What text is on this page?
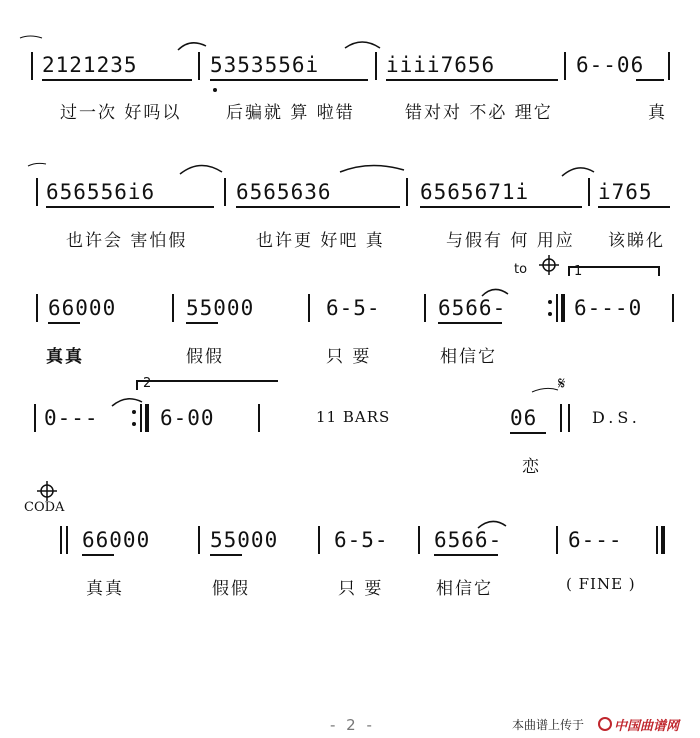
2121235	5353556i	iiii7656	6--06
过一次 好吗以	后骗就 算 啦错	错对对 不必 理它	真
656556i6	6565636	6565671i	i765
也许会 害怕假	也许更 好吧 真	与假有 何 用应 该睇化
to	1
66000	55000	6-5-	6566-	6---0
真真	假假	只 要	相信它
2
0---	6-00	11 BARS	06	D.S.
𝄋
恋
CODA
66000	55000	6-5- 6566-	6---
真真	假假	只 要	相信它	( FINE )
- 2 -	本曲谱上传于 中国曲谱网
